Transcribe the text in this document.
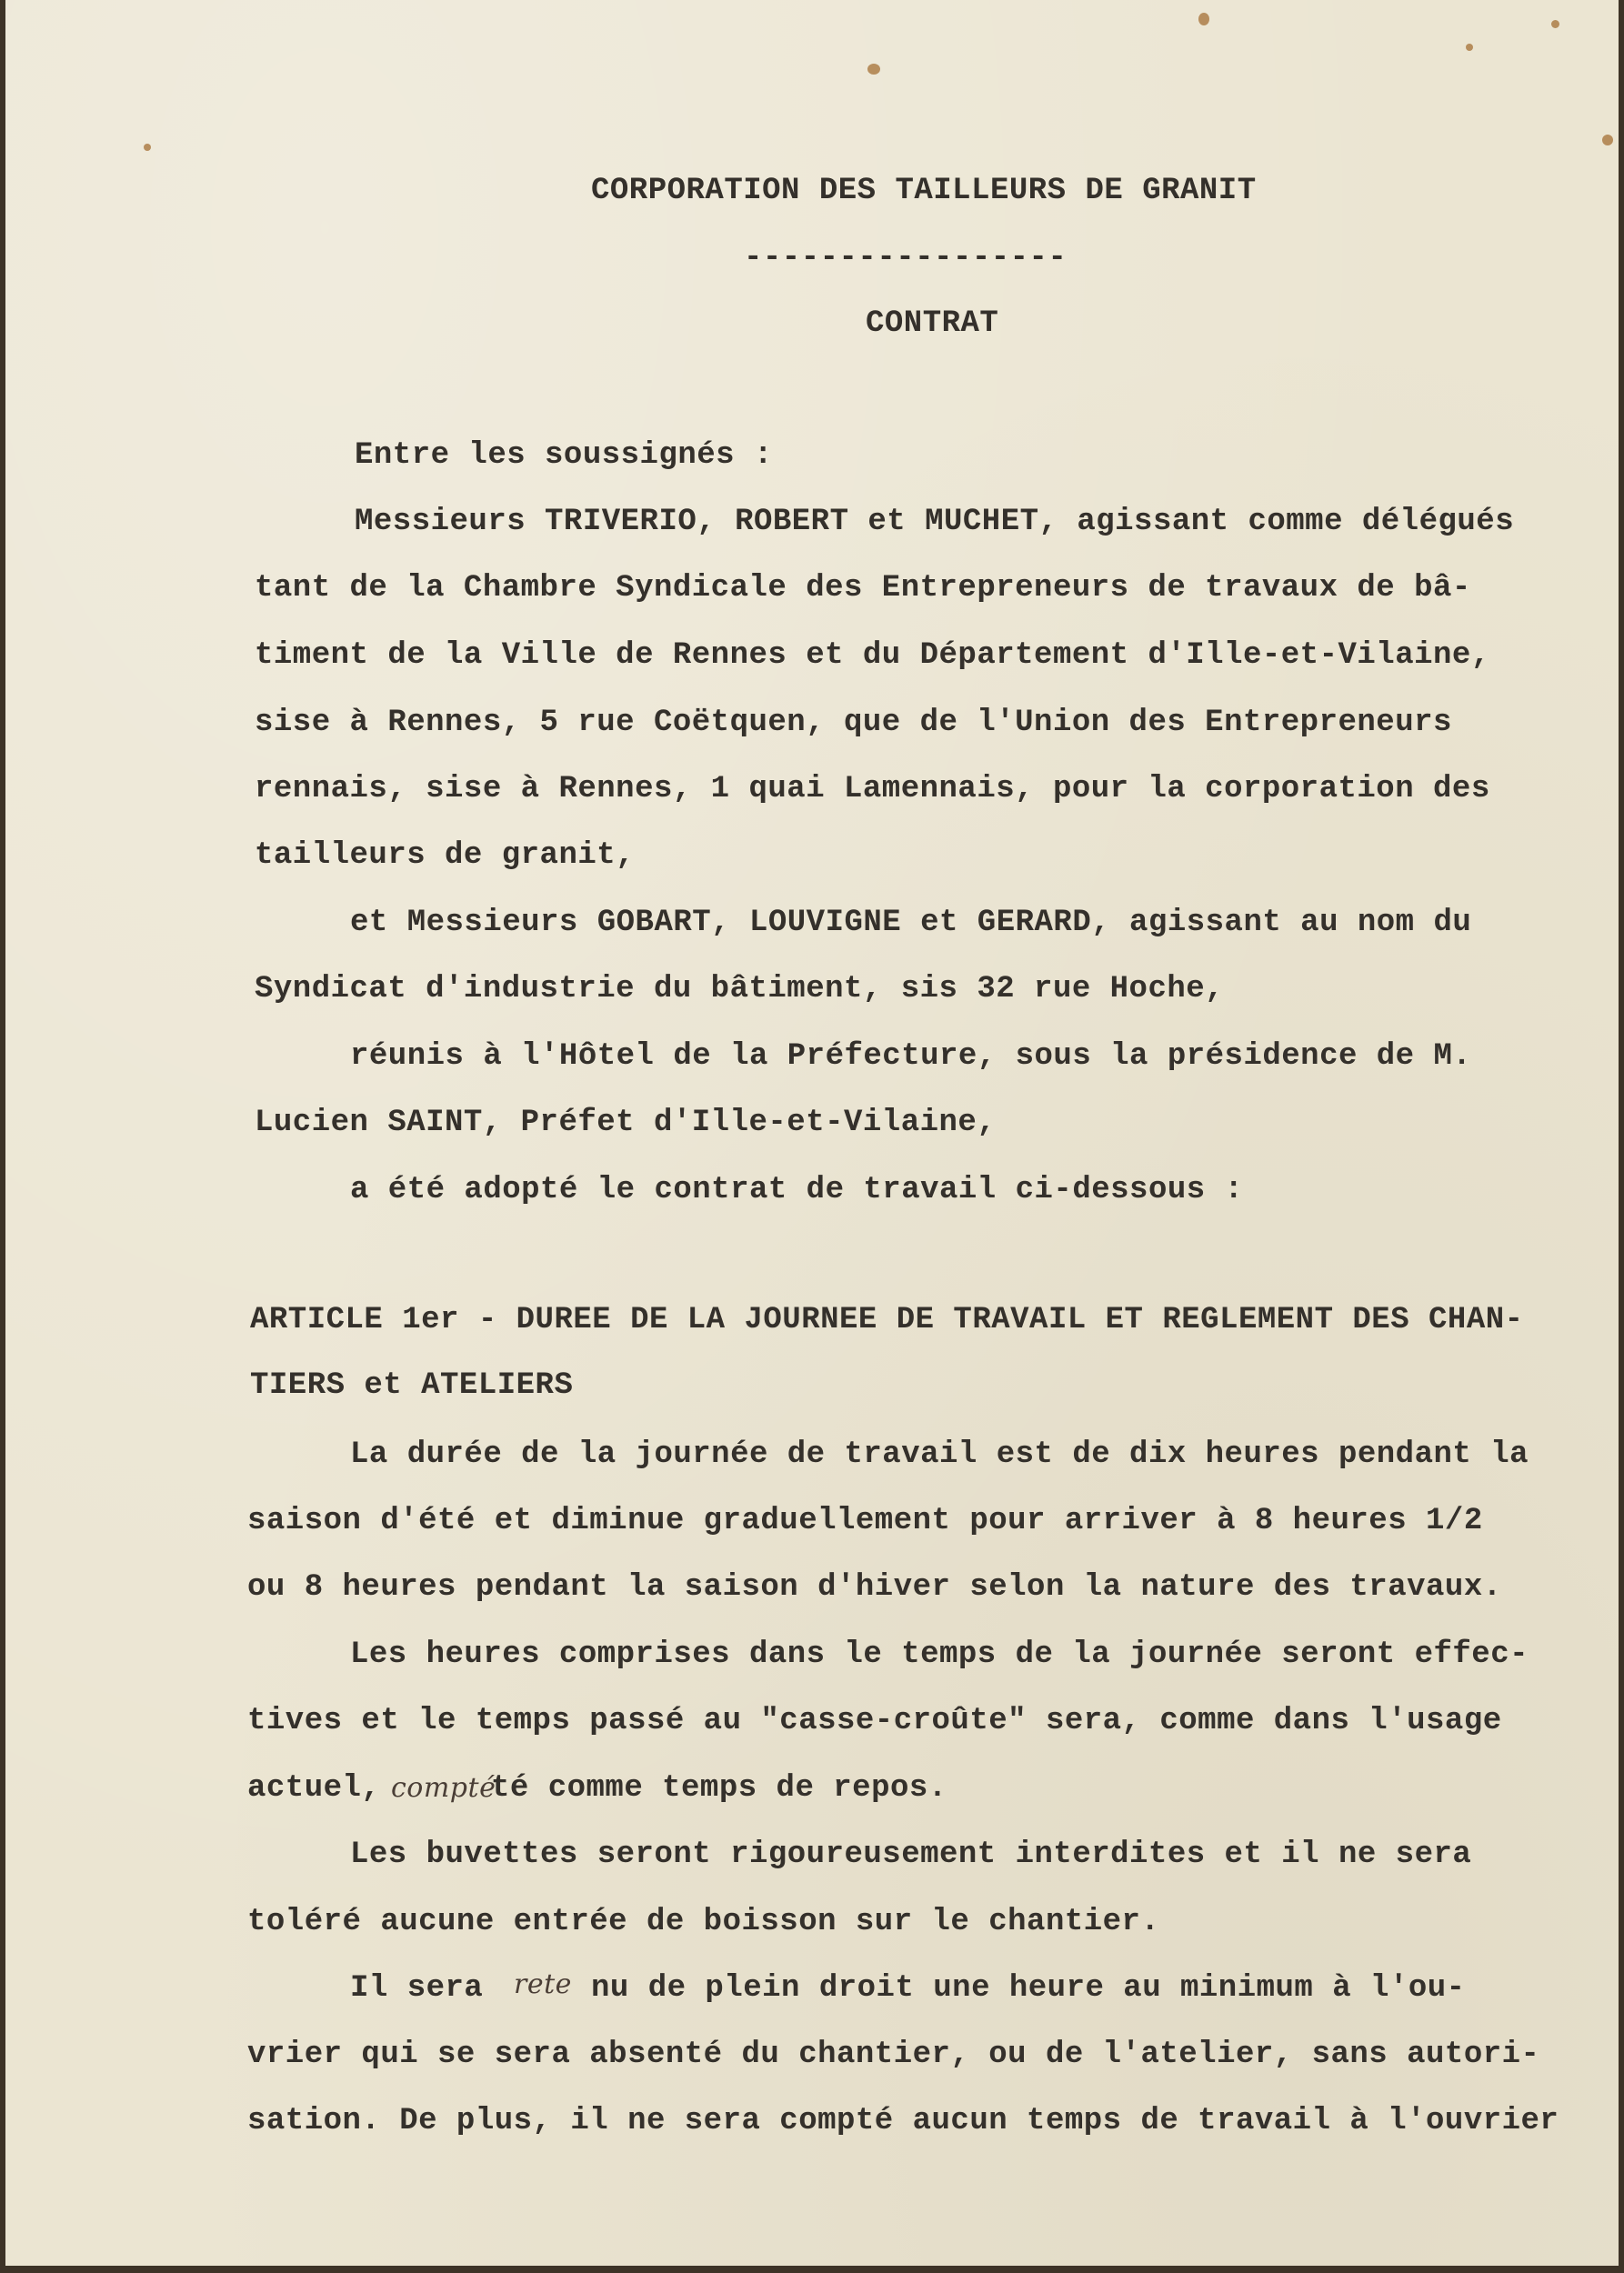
CORPORATION DES TAILLEURS DE GRANIT
-----------------
CONTRAT
Entre les soussignés :
Messieurs TRIVERIO, ROBERT et MUCHET, agissant comme délégués
tant de la Chambre Syndicale des Entrepreneurs de travaux de bâ-
timent de la Ville de Rennes et du Département d'Ille-et-Vilaine,
sise à Rennes, 5 rue Coëtquen, que de l'Union des Entrepreneurs
rennais, sise à Rennes, 1 quai Lamennais, pour la corporation des
tailleurs de granit,
et Messieurs GOBART, LOUVIGNE et GERARD, agissant au nom du
Syndicat d'industrie du bâtiment, sis 32 rue Hoche,
réunis à l'Hôtel de la Préfecture, sous la présidence de M.
Lucien SAINT, Préfet d'Ille-et-Vilaine,
a été adopté le contrat de travail ci-dessous :
ARTICLE 1er - DUREE DE LA JOURNEE DE TRAVAIL ET REGLEMENT DES CHAN-
TIERS et ATELIERS
La durée de la journée de travail est de dix heures pendant la
saison d'été et diminue graduellement pour arriver à 8 heures 1/2
ou 8 heures pendant la saison d'hiver selon la nature des travaux.
Les heures comprises dans le temps de la journée seront effec-
tives et le temps passé au "casse-croûte" sera, comme dans l'usage
actuel, compté
té comme temps de repos.
Les buvettes seront rigoureusement interdites et il ne sera
toléré aucune entrée de boisson sur le chantier.
Il sera rete nu de plein droit une heure au minimum à l'ou-
vrier qui se sera absenté du chantier, ou de l'atelier, sans autori-
sation. De plus, il ne sera compté aucun temps de travail à l'ouvrier
